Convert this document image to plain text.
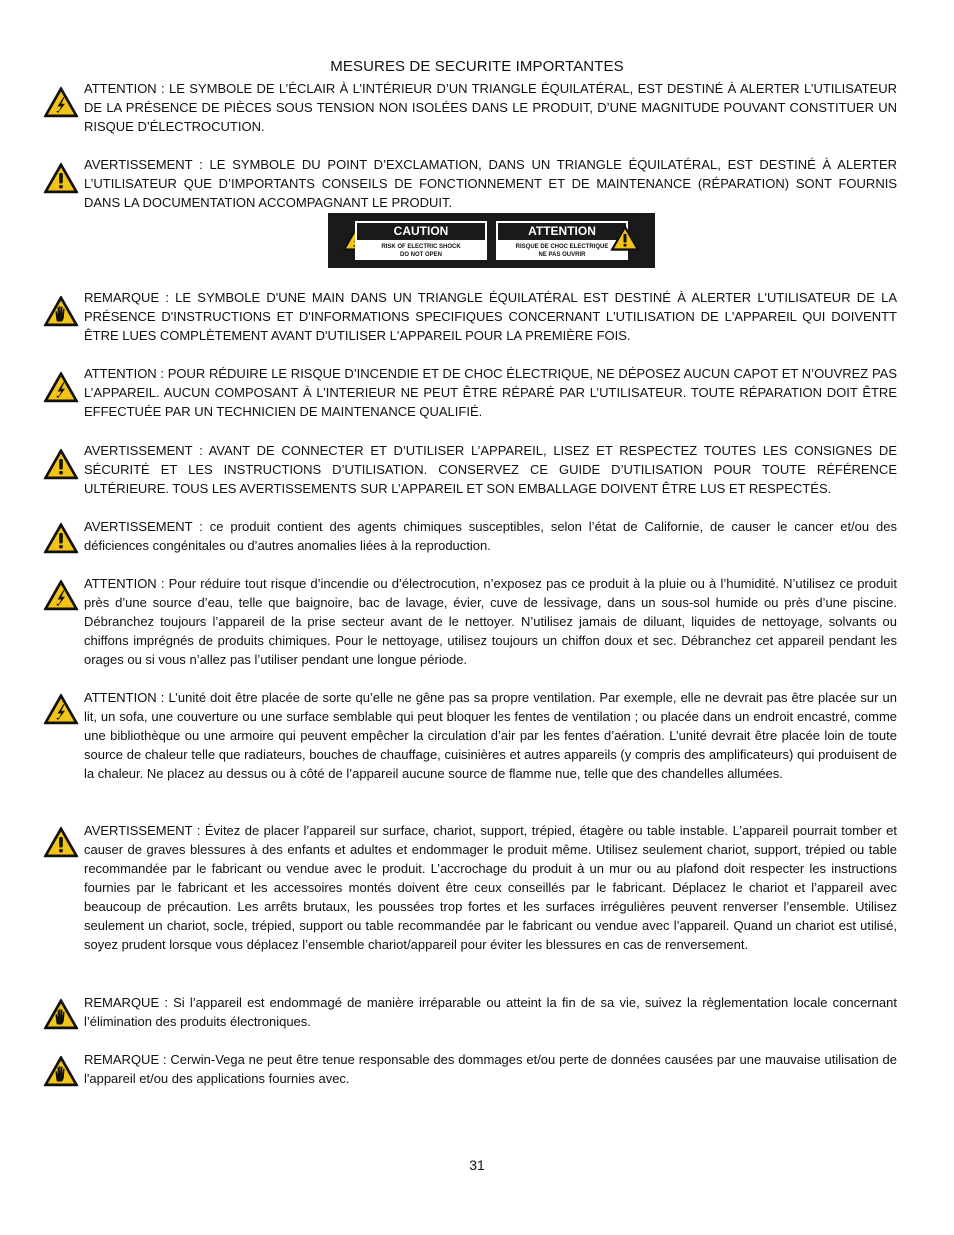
MESURES DE SECURITE IMPORTANTES
ATTENTION : LE SYMBOLE DE L’ÉCLAIR À L’INTÉRIEUR D’UN TRIANGLE ÉQUILATÉRAL, EST DESTINÉ À ALERTER L’UTILISATEUR DE LA PRÉSENCE DE PIÈCES SOUS TENSION NON ISOLÉES DANS LE PRODUIT, D’UNE MAGNITUDE POUVANT CONSTITUER UN RISQUE D’ÉLECTROCUTION.
AVERTISSEMENT : LE SYMBOLE DU POINT D’EXCLAMATION, DANS UN TRIANGLE ÉQUILATÉRAL, EST DESTINÉ À ALERTER L’UTILISATEUR QUE D’IMPORTANTS CONSEILS DE FONCTIONNEMENT ET DE MAINTENANCE (RÉPARATION) SONT FOURNIS DANS LA DOCUMENTATION ACCOMPAGNANT LE PRODUIT.
CAUTION
RISK OF ELECTRIC SHOCK
DO NOT OPEN
ATTENTION
RISQUE DE CHOC ELECTRIQUE
NE PAS OUVRIR
REMARQUE : LE SYMBOLE D'UNE MAIN DANS UN TRIANGLE ÉQUILATÉRAL EST DESTINÉ À ALERTER L'UTILISATEUR DE LA PRÉSENCE D'INSTRUCTIONS ET D'INFORMATIONS SPECIFIQUES CONCERNANT L'UTILISATION DE L'APPAREIL QUI DOIVENTT ÊTRE LUES COMPLÈTEMENT AVANT D'UTILISER L'APPAREIL POUR LA PREMIÈRE FOIS.
ATTENTION : POUR RÉDUIRE LE RISQUE D’INCENDIE ET DE CHOC ÉLECTRIQUE, NE DÉPOSEZ AUCUN CAPOT ET N’OUVREZ PAS L’APPAREIL. AUCUN COMPOSANT À L’INTERIEUR NE PEUT ÊTRE RÉPARÉ PAR L’UTILISATEUR. TOUTE RÉPARATION DOIT ÊTRE EFFECTUÉE PAR UN TECHNICIEN DE MAINTENANCE QUALIFIÉ.
AVERTISSEMENT : AVANT DE CONNECTER ET D’UTILISER L’APPAREIL, LISEZ ET RESPECTEZ TOUTES LES CONSIGNES DE SÉCURITÉ ET LES INSTRUCTIONS D’UTILISATION. CONSERVEZ CE GUIDE D’UTILISATION POUR TOUTE RÉFÉRENCE ULTÉRIEURE. TOUS LES AVERTISSEMENTS SUR L’APPAREIL ET SON EMBALLAGE DOIVENT ÊTRE LUS ET RESPECTÉS.
AVERTISSEMENT : ce produit contient des agents chimiques susceptibles, selon l’état de Californie, de causer le cancer et/ou des déficiences congénitales ou d’autres anomalies liées à la reproduction.
ATTENTION : Pour réduire tout risque d’incendie ou d’électrocution, n’exposez pas ce produit à la pluie ou à l’humidité. N’utilisez ce produit près d’une source d’eau, telle que baignoire, bac de lavage, évier, cuve de lessivage, dans un sous-sol humide ou près d’une piscine. Débranchez toujours l’appareil de la prise secteur avant de le nettoyer. N’utilisez jamais de diluant, liquides de nettoyage, solvants ou chiffons imprégnés de produits chimiques. Pour le nettoyage, utilisez toujours un chiffon doux et sec. Débranchez cet appareil pendant les orages ou si vous n’allez pas l’utiliser pendant une longue période.
ATTENTION : L’unité doit être placée de sorte qu’elle ne gêne pas sa propre ventilation. Par exemple, elle ne devrait pas être placée sur un lit, un sofa, une couverture ou une surface semblable qui peut bloquer les fentes de ventilation ; ou placée dans un endroit encastré, comme une bibliothèque ou une armoire qui peuvent empêcher la circulation d’air par les fentes d’aération. L’unité devrait être placée loin de toute source de chaleur telle que radiateurs, bouches de chauffage, cuisinières et autres appareils (y compris des amplificateurs) qui produisent de la chaleur. Ne placez au dessus ou à côté de l’appareil aucune source de flamme nue, telle que des chandelles allumées.
AVERTISSEMENT : Évitez de placer l’appareil sur surface, chariot, support, trépied, étagère ou table instable. L’appareil pourrait tomber et causer de graves blessures à des enfants et adultes et endommager le produit même. Utilisez seulement chariot, support, trépied ou table recommandée par le fabricant ou vendue avec le produit. L’accrochage du produit à un mur ou au plafond doit respecter les instructions fournies par le fabricant et les accessoires montés doivent être ceux conseillés par le fabricant. Déplacez le chariot et l’appareil avec beaucoup de précaution. Les arrêts brutaux, les poussées trop fortes et les surfaces irrégulières peuvent renverser l’ensemble. Utilisez seulement un chariot, socle, trépied, support ou table recommandée par le fabricant ou vendue avec l’appareil. Quand un chariot est utilisé, soyez prudent lorsque vous déplacez l’ensemble chariot/appareil pour éviter les blessures en cas de renversement.
REMARQUE : Si l’appareil est endommagé de manière irréparable ou atteint la fin de sa vie, suivez la règlementation locale concernant l’élimination des produits électroniques.
REMARQUE : Cerwin-Vega ne peut être tenue responsable des dommages et/ou perte de données causées par une mauvaise utilisation de l'appareil et/ou des applications fournies avec.
31
